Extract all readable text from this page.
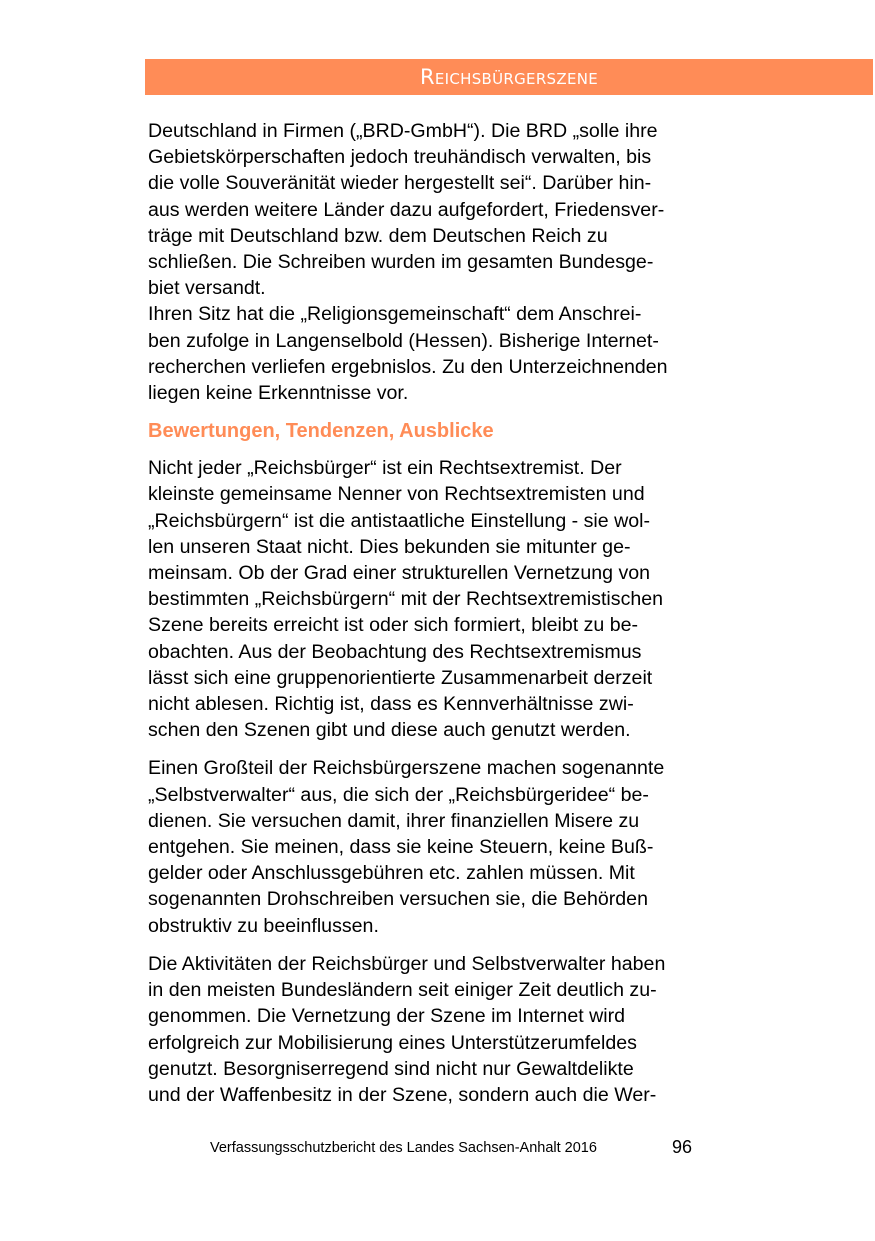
Reichsbürgerszene
Deutschland in Firmen („BRD-GmbH“). Die BRD „solle ihre
Gebietskörperschaften jedoch treuhändisch verwalten, bis
die volle Souveränität wieder hergestellt sei“. Darüber hin-
aus werden weitere Länder dazu aufgefordert, Friedensver-
träge mit Deutschland bzw. dem Deutschen Reich zu
schließen. Die Schreiben wurden im gesamten Bundesge-
biet versandt.
Ihren Sitz hat die „Religionsgemeinschaft“ dem Anschrei-
ben zufolge in Langenselbold (Hessen). Bisherige Internet-
recherchen verliefen ergebnislos. Zu den Unterzeichnenden
liegen keine Erkenntnisse vor.
Bewertungen, Tendenzen, Ausblicke
Nicht jeder „Reichsbürger“ ist ein Rechtsextremist. Der
kleinste gemeinsame Nenner von Rechtsextremisten und
„Reichsbürgern“ ist die antistaatliche Einstellung - sie wol-
len unseren Staat nicht. Dies bekunden sie mitunter ge-
meinsam. Ob der Grad einer strukturellen Vernetzung von
bestimmten „Reichsbürgern“ mit der Rechtsextremistischen
Szene bereits erreicht ist oder sich formiert, bleibt zu be-
obachten. Aus der Beobachtung des Rechtsextremismus
lässt sich eine gruppenorientierte Zusammenarbeit derzeit
nicht ablesen. Richtig ist, dass es Kennverhältnisse zwi-
schen den Szenen gibt und diese auch genutzt werden.
Einen Großteil der Reichsbürgerszene machen sogenannte
„Selbstverwalter“ aus, die sich der „Reichsbürgeridee“ be-
dienen. Sie versuchen damit, ihrer finanziellen Misere zu
entgehen. Sie meinen, dass sie keine Steuern, keine Buß-
gelder oder Anschlussgebühren etc. zahlen müssen. Mit
sogenannten Drohschreiben versuchen sie, die Behörden
obstruktiv zu beeinflussen.
Die Aktivitäten der Reichsbürger und Selbstverwalter haben
in den meisten Bundesländern seit einiger Zeit deutlich zu-
genommen. Die Vernetzung der Szene im Internet wird
erfolgreich zur Mobilisierung eines Unterstützerumfeldes
genutzt. Besorgniserregend sind nicht nur Gewaltdelikte
und der Waffenbesitz in der Szene, sondern auch die Wer-
Verfassungsschutzbericht des Landes Sachsen-Anhalt 2016	96
